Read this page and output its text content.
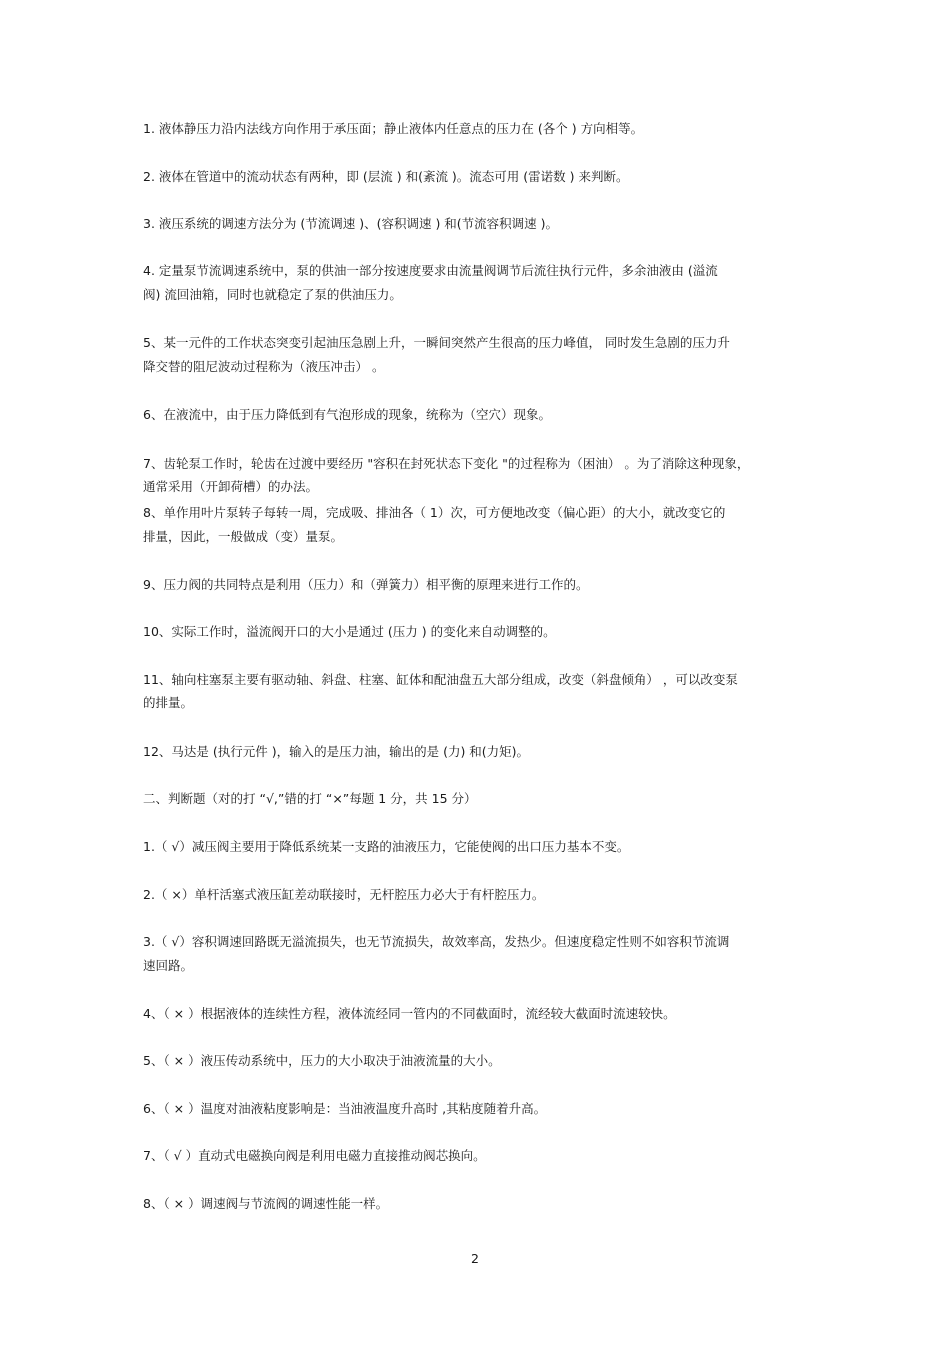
1. 液体静压力沿内法线方向作用于承压面；静止液体内任意点的压力在 (各个 ) 方向相等。
2. 液体在管道中的流动状态有两种，即 (层流 ) 和(紊流 )。流态可用 (雷诺数 ) 来判断。
3. 液压系统的调速方法分为 (节流调速 )、(容积调速 ) 和(节流容积调速 )。
4. 定量泵节流调速系统中，泵的供油一部分按速度要求由流量阀调节后流往执行元件，多余油液由 (溢流
阀) 流回油箱，同时也就稳定了泵的供油压力。
5、某一元件的工作状态突变引起油压急剧上升，一瞬间突然产生很高的压力峰值， 同时发生急剧的压力升
降交替的阻尼波动过程称为（液压冲击） 。
6、在液流中，由于压力降低到有气泡形成的现象，统称为（空穴）现象。
7、齿轮泵工作时，轮齿在过渡中要经历 "容积在封死状态下变化 "的过程称为（困油） 。为了消除这种现象，
通常采用（开卸荷槽）的办法。
8、单作用叶片泵转子每转一周，完成吸、排油各（ 1）次，可方便地改变（偏心距）的大小，就改变它的
排量，因此，一般做成（变）量泵。
9、压力阀的共同特点是利用（压力）和（弹簧力）相平衡的原理来进行工作的。
10、实际工作时，溢流阀开口的大小是通过 (压力 ) 的变化来自动调整的。
11、轴向柱塞泵主要有驱动轴、斜盘、柱塞、缸体和配油盘五大部分组成，改变（斜盘倾角） ，可以改变泵
的排量。
12、马达是 (执行元件 )，输入的是压力油，输出的是 (力) 和(力矩)。
二、判断题（对的打 “√,”错的打 “×”每题 1 分，共 15 分）
1.（ √）减压阀主要用于降低系统某一支路的油液压力，它能使阀的出口压力基本不变。
2.（ ×）单杆活塞式液压缸差动联接时，无杆腔压力必大于有杆腔压力。
3.（ √）容积调速回路既无溢流损失，也无节流损失，故效率高，发热少。但速度稳定性则不如容积节流调
速回路。
4、（ × ）根据液体的连续性方程，液体流经同一管内的不同截面时，流经较大截面时流速较快。
5、（ × ）液压传动系统中，压力的大小取决于油液流量的大小。
6、（ × ）温度对油液粘度影响是：当油液温度升高时 ,其粘度随着升高。
7、（ √ ）直动式电磁换向阀是利用电磁力直接推动阀芯换向。
8、（ × ）调速阀与节流阀的调速性能一样。
2
